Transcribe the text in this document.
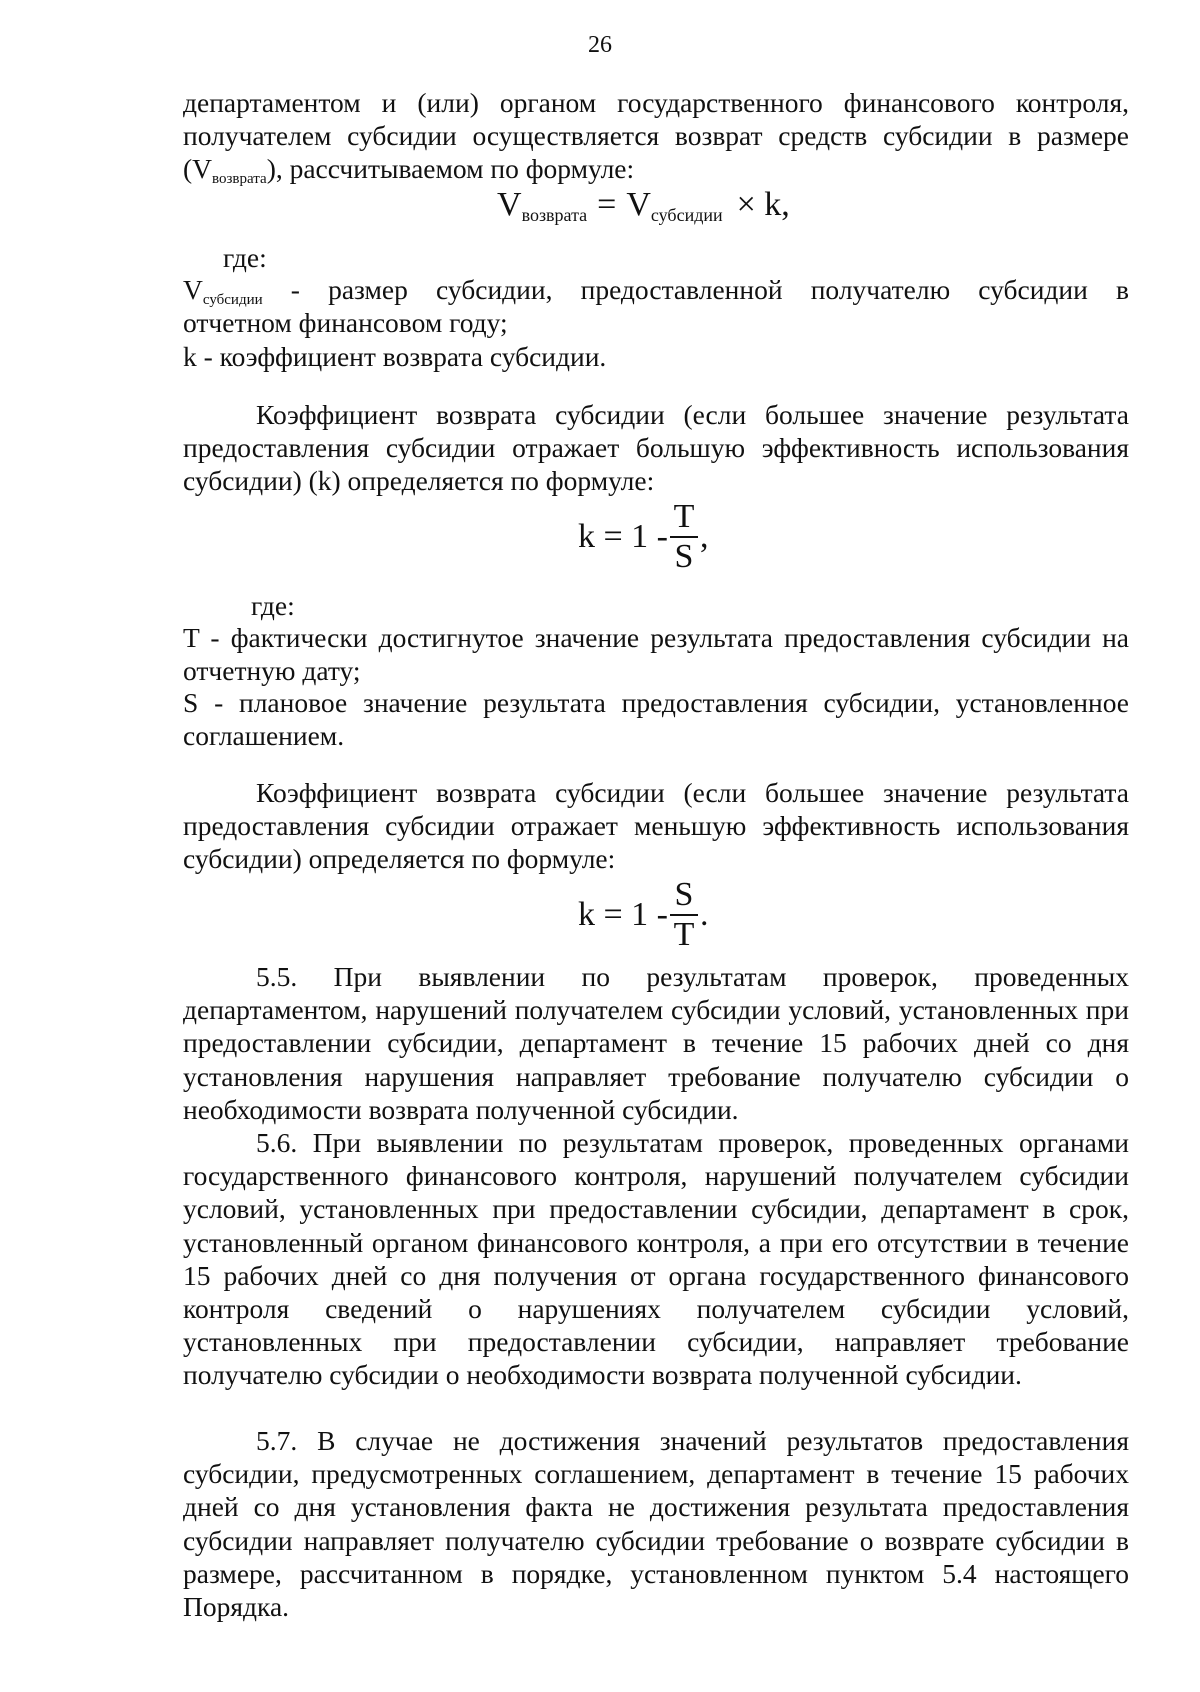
26
департаментом и (или) органом государственного финансового контроля, получателем субсидии осуществляется возврат средств субсидии в размере (Vвозврата), рассчитываемом по формуле:
V возврата = V субсидии × k,
где:
Vсубсидии - размер субсидии, предоставленной получателю субсидии в
отчетном финансовом году;
k - коэффициент возврата субсидии.
Коэффициент возврата субсидии (если большее значение результата предоставления субсидии отражает большую эффективность использования субсидии) (k) определяется по формуле:
$k = 1 - \frac{T}{S}$ ,
где:
T - фактически достигнутое значение результата предоставления субсидии на отчетную дату;
S - плановое значение результата предоставления субсидии, установленное соглашением.
Коэффициент возврата субсидии (если большее значение результата предоставления субсидии отражает меньшую эффективность использования субсидии) определяется по формуле:
$k = 1 - \frac{S}{T}$ .
5.5. При выявлении по результатам проверок, проведенных департаментом, нарушений получателем субсидии условий, установленных при предоставлении субсидии, департамент в течение 15 рабочих дней со дня установления нарушения направляет требование получателю субсидии о необходимости возврата полученной субсидии.
5.6. При выявлении по результатам проверок, проведенных органами государственного финансового контроля, нарушений получателем субсидии условий, установленных при предоставлении субсидии, департамент в срок, установленный органом финансового контроля, а при его отсутствии в течение 15 рабочих дней со дня получения от органа государственного финансового контроля сведений о нарушениях получателем субсидии условий, установленных при предоставлении субсидии, направляет требование получателю субсидии о необходимости возврата полученной субсидии.
5.7. В случае не достижения значений результатов предоставления субсидии, предусмотренных соглашением, департамент в течение 15 рабочих дней со дня установления факта не достижения результата предоставления субсидии направляет получателю субсидии требование о возврате субсидии в размере, рассчитанном в порядке, установленном пунктом 5.4 настоящего Порядка.
